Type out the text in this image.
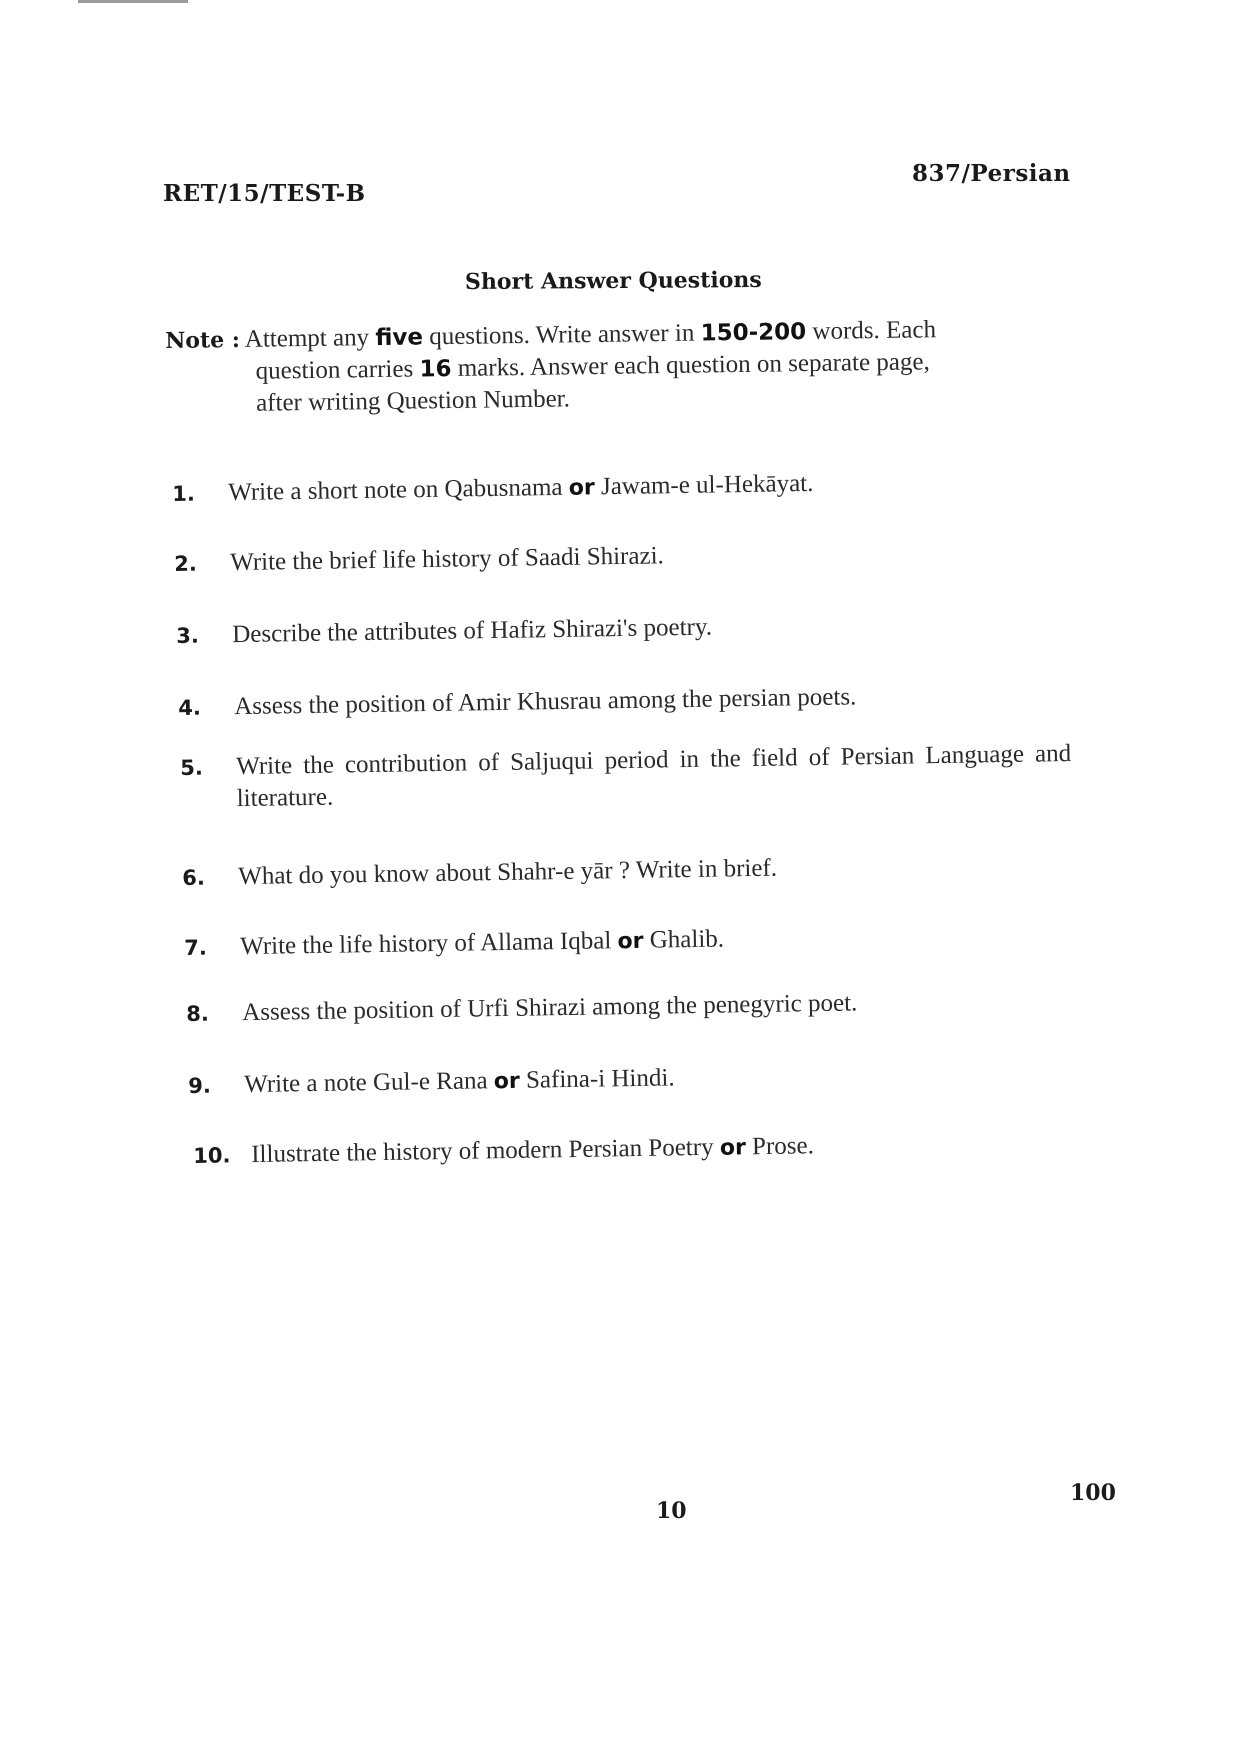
RET/15/TEST-B
837/Persian
Short Answer Questions
Note : Attempt any five questions. Write answer in 150-200 words. Each
question carries 16 marks. Answer each question on separate page,
after writing Question Number.
1. Write a short note on Qabusnama or Jawam-e ul-Hekāyat.
2. Write the brief life history of Saadi Shirazi.
3. Describe the attributes of Hafiz Shirazi's poetry.
4. Assess the position of Amir Khusrau among the persian poets.
5. Write the contribution of Saljuqui period in the field of Persian Language and literature.
6. What do you know about Shahr-e yār ? Write in brief.
7. Write the life history of Allama Iqbal or Ghalib.
8. Assess the position of Urfi Shirazi among the penegyric poet.
9. Write a note Gul-e Rana or Safina-i Hindi.
10. Illustrate the history of modern Persian Poetry or Prose.
10
100
